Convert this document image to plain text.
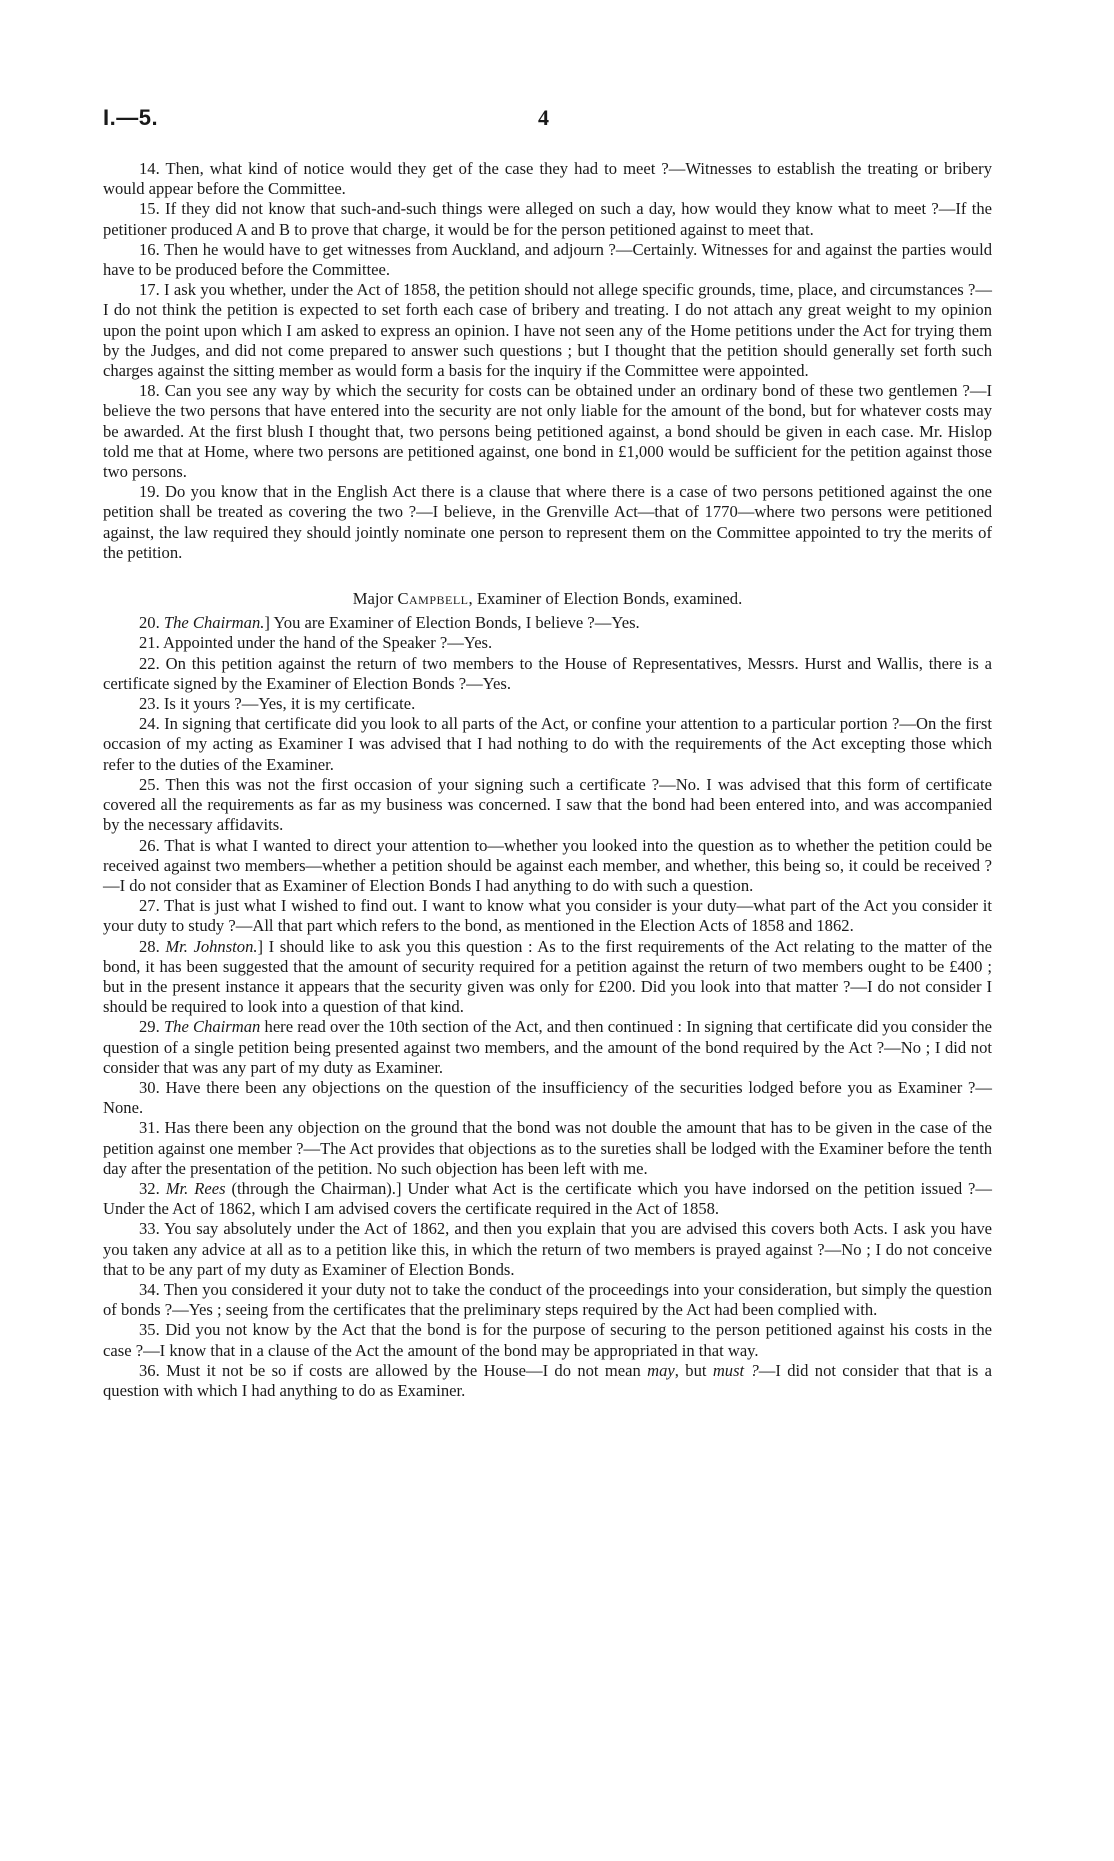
I.—5.	4

14. Then, what kind of notice would they get of the case they had to meet ?—Witnesses to establish the treating or bribery would appear before the Committee.

15. If they did not know that such-and-such things were alleged on such a day, how would they know what to meet ?—If the petitioner produced A and B to prove that charge, it would be for the person petitioned against to meet that.

16. Then he would have to get witnesses from Auckland, and adjourn ?—Certainly. Witnesses for and against the parties would have to be produced before the Committee.

17. I ask you whether, under the Act of 1858, the petition should not allege specific grounds, time, place, and circumstances ?—I do not think the petition is expected to set forth each case of bribery and treating. I do not attach any great weight to my opinion upon the point upon which I am asked to express an opinion. I have not seen any of the Home petitions under the Act for trying them by the Judges, and did not come prepared to answer such questions ; but I thought that the petition should generally set forth such charges against the sitting member as would form a basis for the inquiry if the Committee were appointed.

18. Can you see any way by which the security for costs can be obtained under an ordinary bond of these two gentlemen ?—I believe the two persons that have entered into the security are not only liable for the amount of the bond, but for whatever costs may be awarded. At the first blush I thought that, two persons being petitioned against, a bond should be given in each case. Mr. Hislop told me that at Home, where two persons are petitioned against, one bond in £1,000 would be sufficient for the petition against those two persons.

19. Do you know that in the English Act there is a clause that where there is a case of two persons petitioned against the one petition shall be treated as covering the two ?—I believe, in the Grenville Act—that of 1770—where two persons were petitioned against, the law required they should jointly nominate one person to represent them on the Committee appointed to try the merits of the petition.

Major Campbell, Examiner of Election Bonds, examined.

20. The Chairman.] You are Examiner of Election Bonds, I believe ?—Yes.

21. Appointed under the hand of the Speaker ?—Yes.

22. On this petition against the return of two members to the House of Representatives, Messrs. Hurst and Wallis, there is a certificate signed by the Examiner of Election Bonds ?—Yes.

23. Is it yours ?—Yes, it is my certificate.

24. In signing that certificate did you look to all parts of the Act, or confine your attention to a particular portion ?—On the first occasion of my acting as Examiner I was advised that I had nothing to do with the requirements of the Act excepting those which refer to the duties of the Examiner.

25. Then this was not the first occasion of your signing such a certificate ?—No. I was advised that this form of certificate covered all the requirements as far as my business was concerned. I saw that the bond had been entered into, and was accompanied by the necessary affidavits.

26. That is what I wanted to direct your attention to—whether you looked into the question as to whether the petition could be received against two members—whether a petition should be against each member, and whether, this being so, it could be received ?—I do not consider that as Examiner of Election Bonds I had anything to do with such a question.

27. That is just what I wished to find out. I want to know what you consider is your duty—what part of the Act you consider it your duty to study ?—All that part which refers to the bond, as mentioned in the Election Acts of 1858 and 1862.

28. Mr. Johnston.] I should like to ask you this question : As to the first requirements of the Act relating to the matter of the bond, it has been suggested that the amount of security required for a petition against the return of two members ought to be £400 ; but in the present instance it appears that the security given was only for £200. Did you look into that matter ?—I do not consider I should be required to look into a question of that kind.

29. The Chairman here read over the 10th section of the Act, and then continued : In signing that certificate did you consider the question of a single petition being presented against two members, and the amount of the bond required by the Act ?—No ; I did not consider that was any part of my duty as Examiner.

30. Have there been any objections on the question of the insufficiency of the securities lodged before you as Examiner ?—None.

31. Has there been any objection on the ground that the bond was not double the amount that has to be given in the case of the petition against one member ?—The Act provides that objections as to the sureties shall be lodged with the Examiner before the tenth day after the presentation of the petition. No such objection has been left with me.

32. Mr. Rees (through the Chairman).] Under what Act is the certificate which you have indorsed on the petition issued ?—Under the Act of 1862, which I am advised covers the certificate required in the Act of 1858.

33. You say absolutely under the Act of 1862, and then you explain that you are advised this covers both Acts. I ask you have you taken any advice at all as to a petition like this, in which the return of two members is prayed against ?—No ; I do not conceive that to be any part of my duty as Examiner of Election Bonds.

34. Then you considered it your duty not to take the conduct of the proceedings into your consideration, but simply the question of bonds ?—Yes ; seeing from the certificates that the preliminary steps required by the Act had been complied with.

35. Did you not know by the Act that the bond is for the purpose of securing to the person petitioned against his costs in the case ?—I know that in a clause of the Act the amount of the bond may be appropriated in that way.

36. Must it not be so if costs are allowed by the House—I do not mean may, but must ?—I did not consider that that is a question with which I had anything to do as Examiner.
